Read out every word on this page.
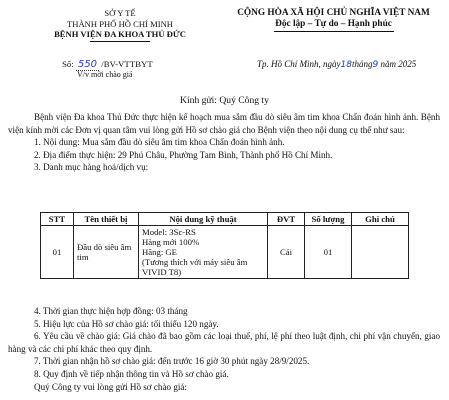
SỞ Y TẾ
THÀNH PHỐ HỒ CHÍ MINH
BỆNH VIỆN ĐA KHOA THỦ ĐỨC
CỘNG HÒA XÃ HỘI CHỦ NGHĨA VIỆT NAM
Độc lập – Tự do – Hạnh phúc
Số: 550 /BV-VTTBYT
V/v mời chào giá
Tp. Hồ Chí Minh, ngày18tháng9 năm 2025
Kính gửi: Quý Công ty

Bệnh viện Đa khoa Thủ Đức thực hiện kế hoạch mua sắm đầu dò siêu âm tim khoa Chẩn đoán hình ảnh. Bệnh viện kính mời các Đơn vị quan tâm vui lòng gửi Hồ sơ chào giá cho Bệnh viện theo nội dung cụ thể như sau:

1. Nội dung: Mua sắm đầu dò siêu âm tim khoa Chẩn đoán hình ảnh.

2. Địa điểm thực hiện: 29 Phú Châu, Phường Tam Bình, Thành phố Hồ Chí Minh.

3. Danh mục hàng hoá/dịch vụ:

STT	Tên thiết bị	Nội dung kỹ thuật	ĐVT	Số lượng	Ghi chú
01	Đầu dò siêu âm tim	Model: 3Sc-RS
Hàng mới 100%
Hãng: GE
(Tương thích với máy siêu âm VIVID T8)	Cái	01	

4. Thời gian thực hiện hợp đồng: 03 tháng

5. Hiệu lực của Hồ sơ chào giá: tối thiểu 120 ngày.

6. Yêu cầu về chào giá: Giá chào đã bao gồm các loại thuế, phí, lệ phí theo luật định, chi phí vận chuyển, giao hàng và các chi phí khác theo quy định.

7. Thời gian nhận hồ sơ chào giá: đến trước 16 giờ 30 phút ngày 28/9/2025.

8. Quy định về tiếp nhận thông tin và Hồ sơ chào giá.

Quý Công ty vui lòng gửi Hồ sơ chào giá:
